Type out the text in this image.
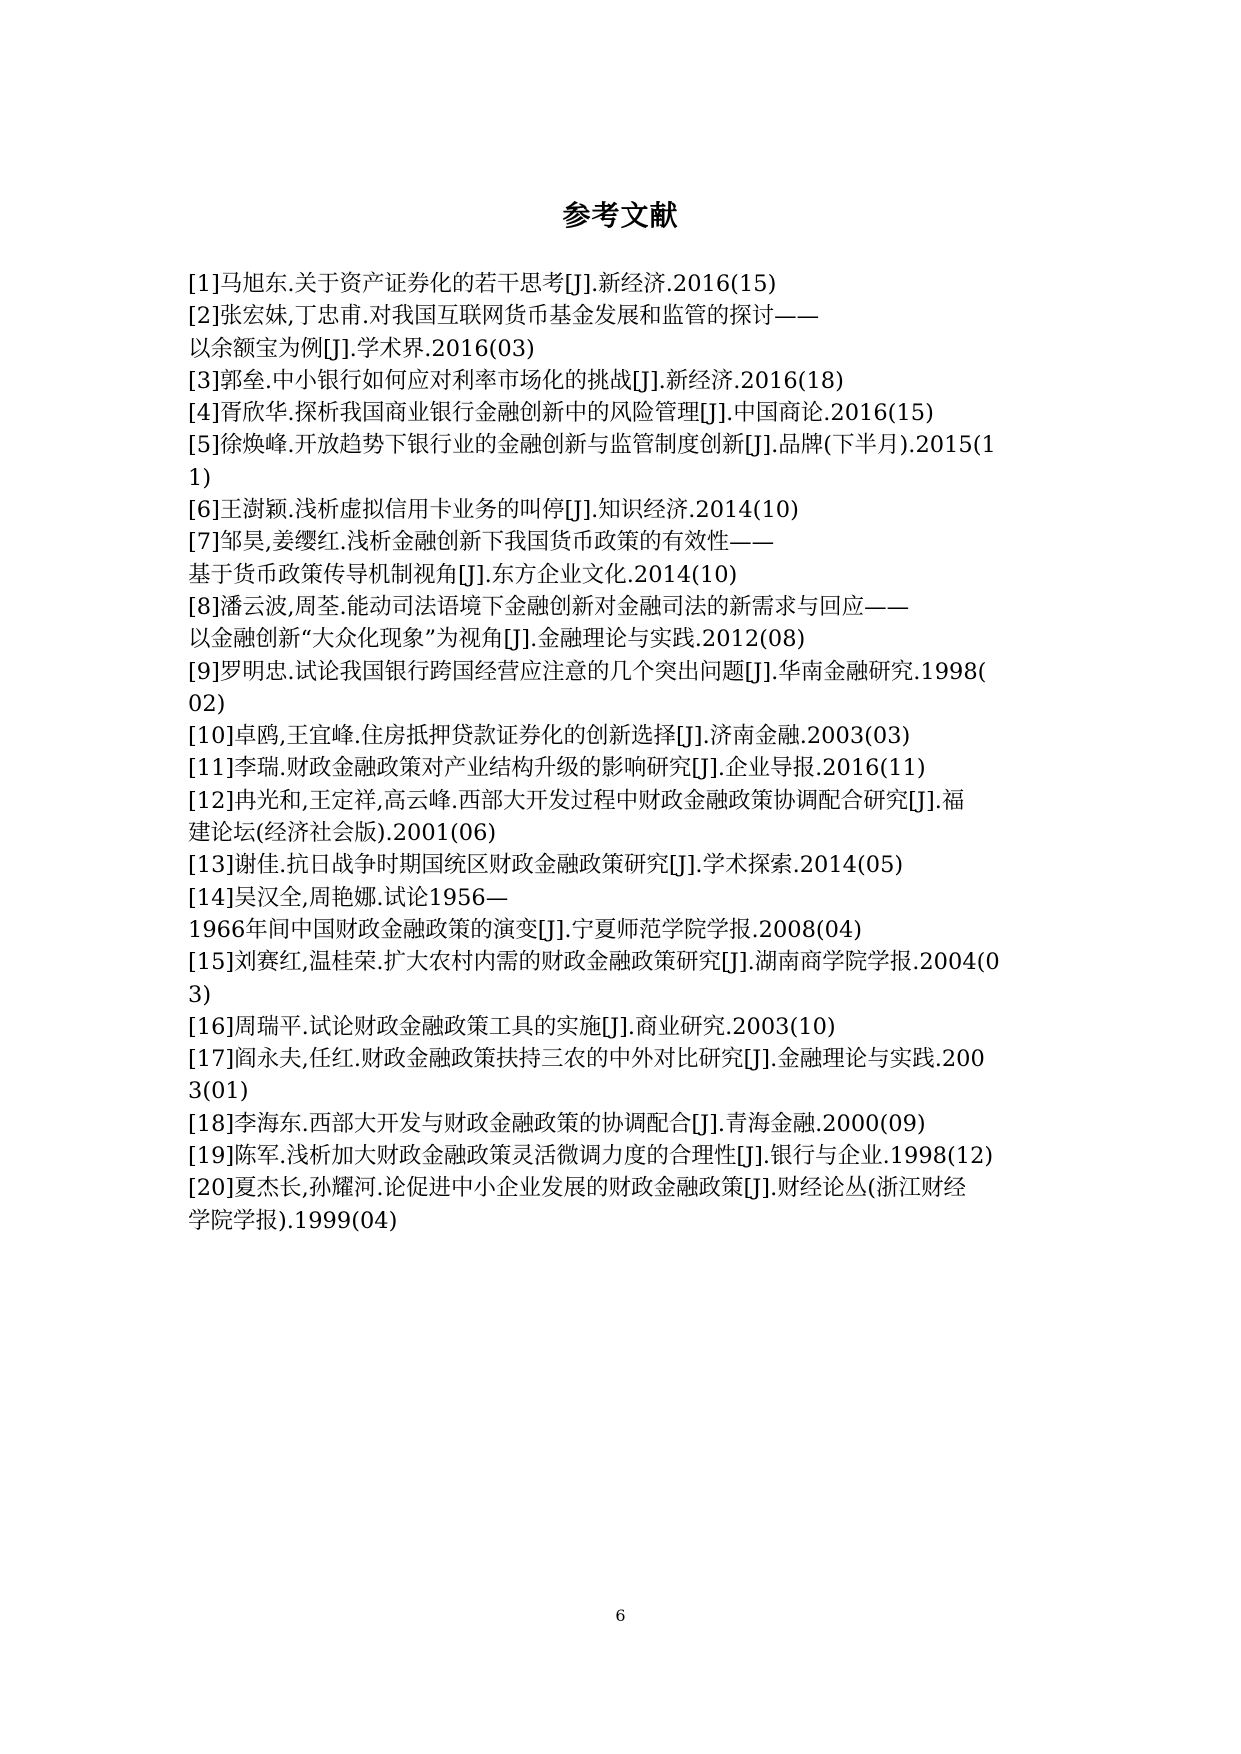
参考文献
[1]马旭东.关于资产证券化的若干思考[J].新经济.2016(15)
[2]张宏妹,丁忠甫.对我国互联网货币基金发展和监管的探讨——
以余额宝为例[J].学术界.2016(03)
[3]郭垒.中小银行如何应对利率市场化的挑战[J].新经济.2016(18)
[4]胥欣华.探析我国商业银行金融创新中的风险管理[J].中国商论.2016(15)
[5]徐焕峰.开放趋势下银行业的金融创新与监管制度创新[J].品牌(下半月).2015(1
1)
[6]王澍颖.浅析虚拟信用卡业务的叫停[J].知识经济.2014(10)
[7]邹昊,姜缨红.浅析金融创新下我国货币政策的有效性——
基于货币政策传导机制视角[J].东方企业文化.2014(10)
[8]潘云波,周荃.能动司法语境下金融创新对金融司法的新需求与回应——
以金融创新“大众化现象”为视角[J].金融理论与实践.2012(08)
[9]罗明忠.试论我国银行跨国经营应注意的几个突出问题[J].华南金融研究.1998(
02)
[10]卓鸥,王宜峰.住房抵押贷款证券化的创新选择[J].济南金融.2003(03)
[11]李瑞.财政金融政策对产业结构升级的影响研究[J].企业导报.2016(11)
[12]冉光和,王定祥,高云峰.西部大开发过程中财政金融政策协调配合研究[J].福
建论坛(经济社会版).2001(06)
[13]谢佳.抗日战争时期国统区财政金融政策研究[J].学术探索.2014(05)
[14]吴汉全,周艳娜.试论1956—
1966年间中国财政金融政策的演变[J].宁夏师范学院学报.2008(04)
[15]刘赛红,温桂荣.扩大农村内需的财政金融政策研究[J].湖南商学院学报.2004(0
3)
[16]周瑞平.试论财政金融政策工具的实施[J].商业研究.2003(10)
[17]阎永夫,任红.财政金融政策扶持三农的中外对比研究[J].金融理论与实践.200
3(01)
[18]李海东.西部大开发与财政金融政策的协调配合[J].青海金融.2000(09)
[19]陈军.浅析加大财政金融政策灵活微调力度的合理性[J].银行与企业.1998(12)
[20]夏杰长,孙耀河.论促进中小企业发展的财政金融政策[J].财经论丛(浙江财经
学院学报).1999(04)
6
